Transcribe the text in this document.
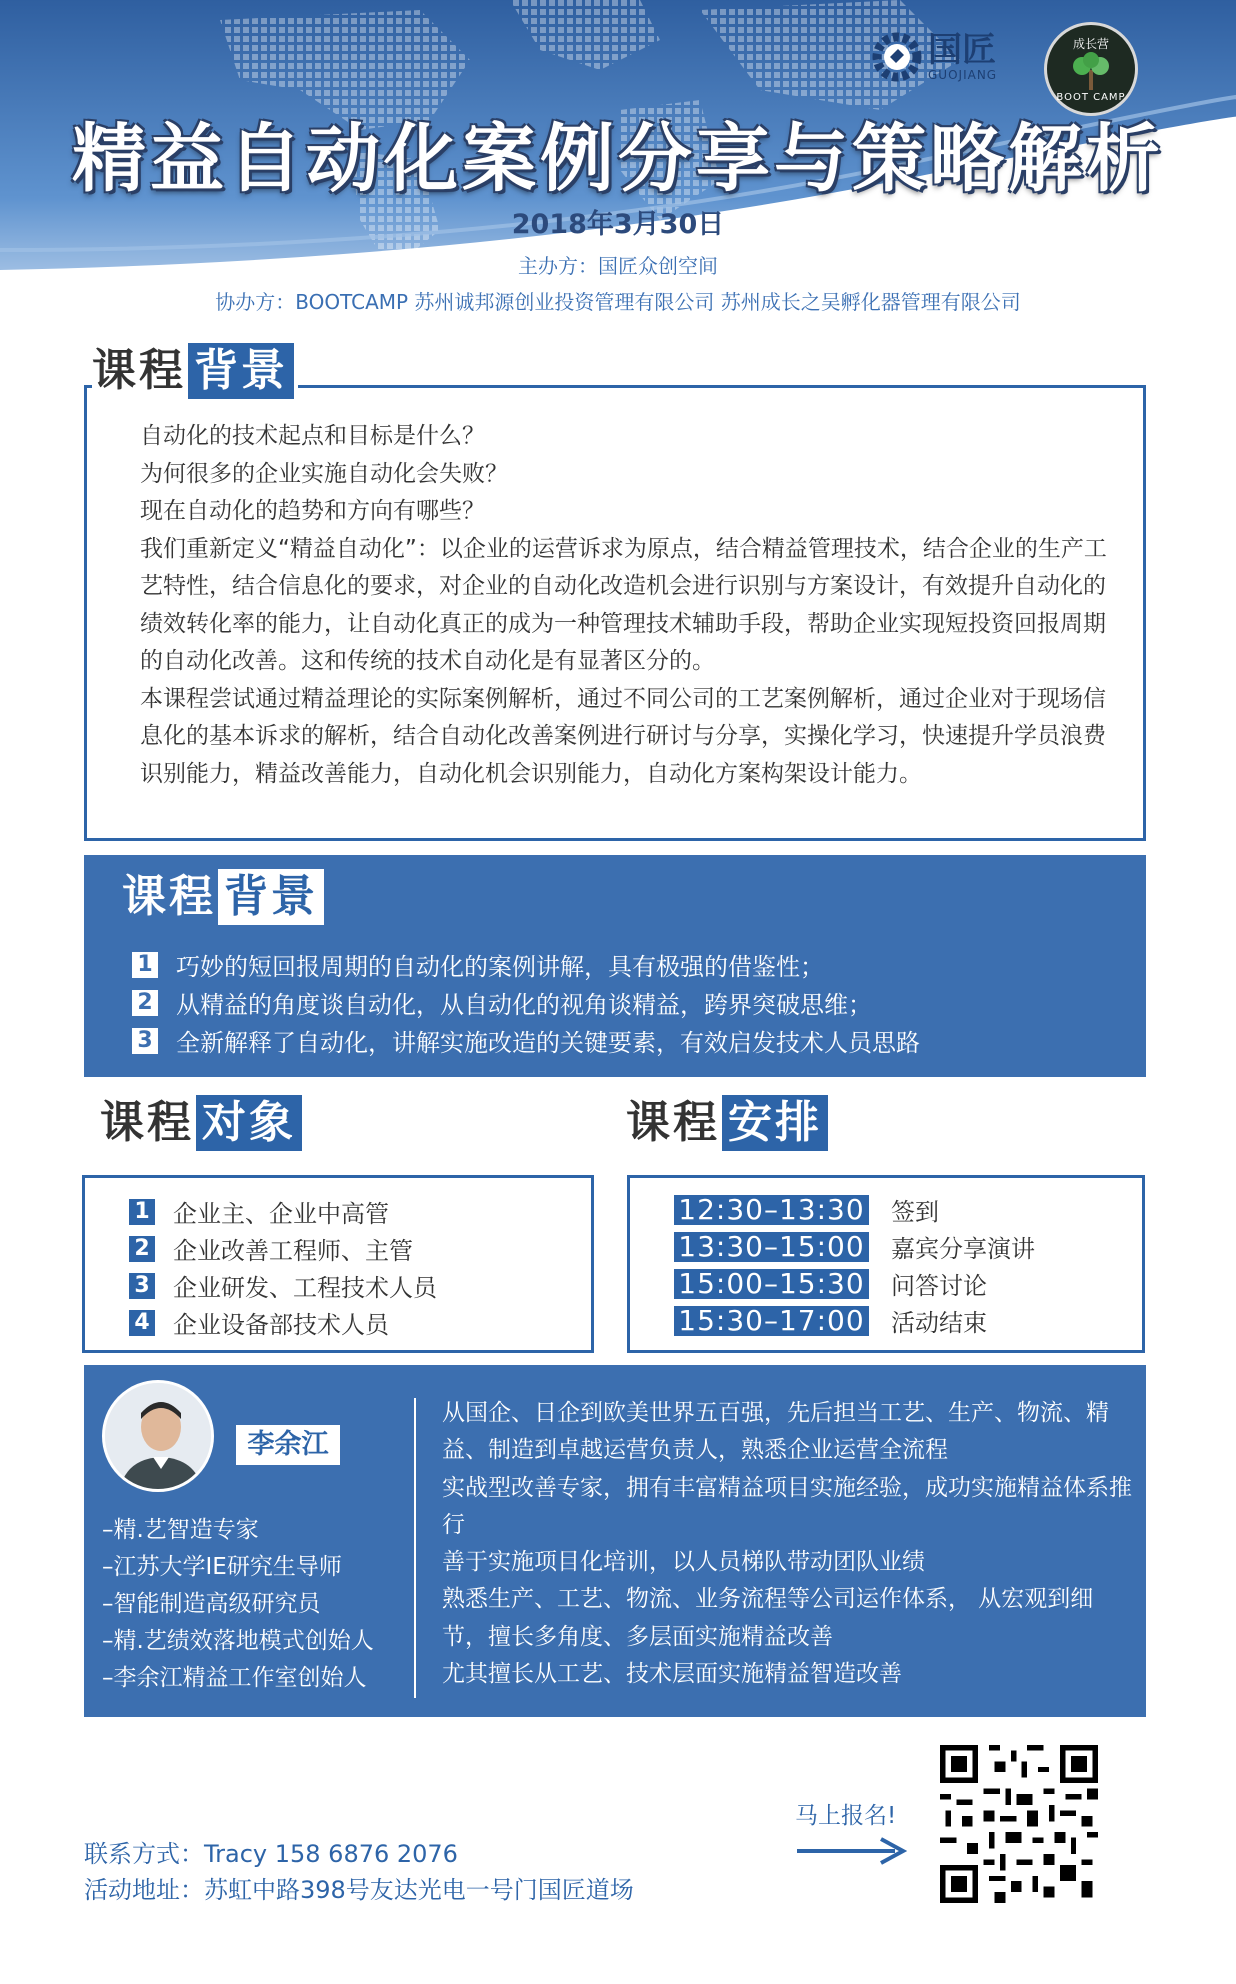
国匠
GUOJIANG
成长营
BOOT CAMP
精益自动化案例分享与策略解析
2018年3月30日
主办方：国匠众创空间
协办方：BOOTCAMP 苏州诚邦源创业投资管理有限公司 苏州成长之吴孵化器管理有限公司
课程 背景

自动化的技术起点和目标是什么？

为何很多的企业实施自动化会失败？

现在自动化的趋势和方向有哪些？

我们重新定义“精益自动化”：以企业的运营诉求为原点，结合精益管理技术，结合企业的生产工艺特性，结合信息化的要求，对企业的自动化改造机会进行识别与方案设计，有效提升自动化的绩效转化率的能力，让自动化真正的成为一种管理技术辅助手段，帮助企业实现短投资回报周期的自动化改善。这和传统的技术自动化是有显著区分的。

本课程尝试通过精益理论的实际案例解析，通过不同公司的工艺案例解析，通过企业对于现场信息化的基本诉求的解析，结合自动化改善案例进行研讨与分享，实操化学习，快速提升学员浪费识别能力，精益改善能力，自动化机会识别能力，自动化方案构架设计能力。

课程 背景
1 巧妙的短回报周期的自动化的案例讲解，具有极强的借鉴性；
2 从精益的角度谈自动化，从自动化的视角谈精益，跨界突破思维；
3 全新解释了自动化，讲解实施改造的关键要素，有效启发技术人员思路
课程 对象
1 企业主、企业中高管
2 企业改善工程师、主管
3 企业研发、工程技术人员
4 企业设备部技术人员
课程 安排
12:30–13:30 签到
13:30–15:00 嘉宾分享演讲
15:00–15:30 问答讨论
15:30–17:00 活动结束
李余江
–精.艺智造专家
–江苏大学IE研究生导师
–智能制造高级研究员
–精.艺绩效落地模式创始人
–李余江精益工作室创始人

从国企、日企到欧美世界五百强，先后担当工艺、生产、物流、精益、制造到卓越运营负责人，熟悉企业运营全流程

实战型改善专家，拥有丰富精益项目实施经验，成功实施精益体系推行

善于实施项目化培训，以人员梯队带动团队业绩

熟悉生产、工艺、物流、业务流程等公司运作体系， 从宏观到细节，擅长多角度、多层面实施精益改善

尤其擅长从工艺、技术层面实施精益智造改善

联系方式：Tracy 158 6876 2076
活动地址：苏虹中路398号友达光电一号门国匠道场
马上报名!
